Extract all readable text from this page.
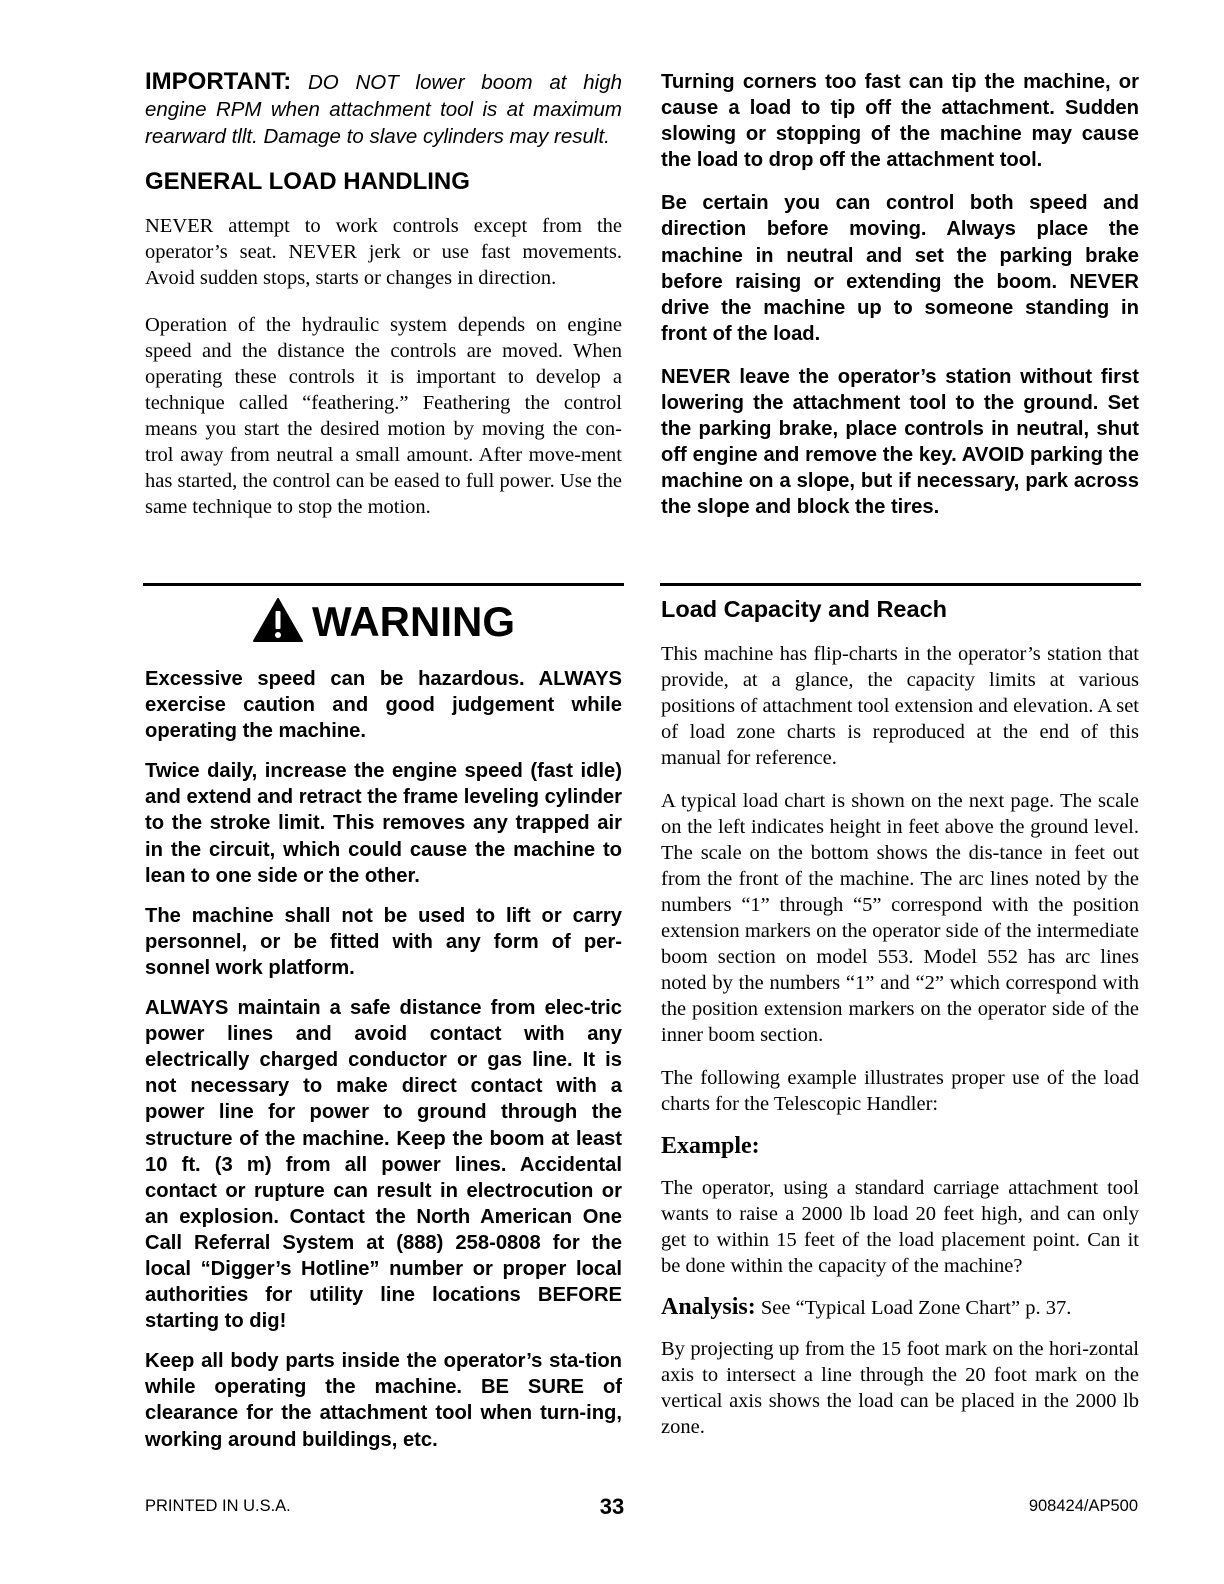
IMPORTANT: DO NOT lower boom at high engine RPM when attachment tool is at maximum rearward tllt. Damage to slave cylinders may result.

GENERAL LOAD HANDLING

NEVER attempt to work controls except from the operator’s seat. NEVER jerk or use fast movements. Avoid sudden stops, starts or changes in direction.

Operation of the hydraulic system depends on engine speed and the distance the controls are moved. When operating these controls it is important to develop a technique called “feathering.” Feathering the control means you start the desired motion by moving the con-trol away from neutral a small amount. After move-ment has started, the control can be eased to full power. Use the same technique to stop the motion.

WARNING

Excessive speed can be hazardous. ALWAYS exercise caution and good judgement while operating the machine.

Twice daily, increase the engine speed (fast idle) and extend and retract the frame leveling cylinder to the stroke limit. This removes any trapped air in the circuit, which could cause the machine to lean to one side or the other.

The machine shall not be used to lift or carry personnel, or be fitted with any form of per-sonnel work platform.

ALWAYS maintain a safe distance from elec-tric power lines and avoid contact with any electrically charged conductor or gas line. It is not necessary to make direct contact with a power line for power to ground through the structure of the machine. Keep the boom at least 10 ft. (3 m) from all power lines. Accidental contact or rupture can result in electrocution or an explosion. Contact the North American One Call Referral System at (888) 258-0808 for the local “Digger’s Hotline” number or proper local authorities for utility line locations BEFORE starting to dig!

Keep all body parts inside the operator’s sta-tion while operating the machine. BE SURE of clearance for the attachment tool when turn-ing, working around buildings, etc.

Turning corners too fast can tip the machine, or cause a load to tip off the attachment. Sudden slowing or stopping of the machine may cause the load to drop off the attachment tool.

Be certain you can control both speed and direction before moving. Always place the machine in neutral and set the parking brake before raising or extending the boom. NEVER drive the machine up to someone standing in front of the load.

NEVER leave the operator’s station without first lowering the attachment tool to the ground. Set the parking brake, place controls in neutral, shut off engine and remove the key. AVOID parking the machine on a slope, but if necessary, park across the slope and block the tires.

Load Capacity and Reach

This machine has flip-charts in the operator’s station that provide, at a glance, the capacity limits at various positions of attachment tool extension and elevation. A set of load zone charts is reproduced at the end of this manual for reference.

A typical load chart is shown on the next page. The scale on the left indicates height in feet above the ground level. The scale on the bottom shows the dis-tance in feet out from the front of the machine. The arc lines noted by the numbers “1” through “5” correspond with the position extension markers on the operator side of the intermediate boom section on model 553. Model 552 has arc lines noted by the numbers “1” and “2” which correspond with the position extension markers on the operator side of the inner boom section.

The following example illustrates proper use of the load charts for the Telescopic Handler:

Example:

The operator, using a standard carriage attachment tool wants to raise a 2000 lb load 20 feet high, and can only get to within 15 feet of the load placement point. Can it be done within the capacity of the machine?

Analysis: See “Typical Load Zone Chart” p. 37.

By projecting up from the 15 foot mark on the hori-zontal axis to intersect a line through the 20 foot mark on the vertical axis shows the load can be placed in the 2000 lb zone.

PRINTED IN U.S.A.	33	908424/AP500
